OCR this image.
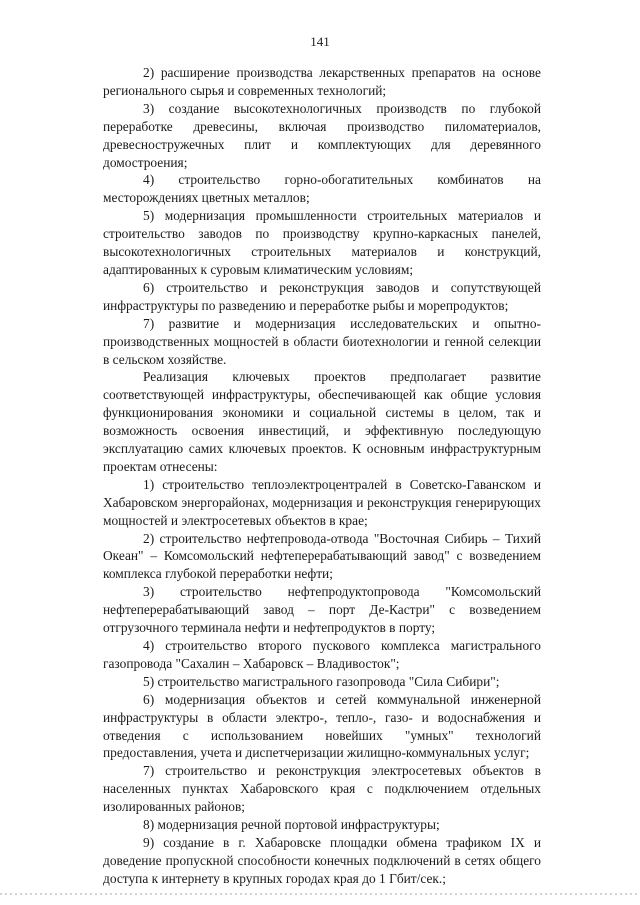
141

2) расширение производства лекарственных препаратов на основе регионального сырья и современных технологий;

3) создание высокотехнологичных производств по глубокой переработке древесины, включая производство пиломатериалов, древесностружечных плит и комплектующих для деревянного домостроения;

4) строительство горно-обогатительных комбинатов на месторождениях цветных металлов;

5) модернизация промышленности строительных материалов и строительство заводов по производству крупно-каркасных панелей, высокотехнологичных строительных материалов и конструкций, адаптированных к суровым климатическим условиям;

6) строительство и реконструкция заводов и сопутствующей инфраструктуры по разведению и переработке рыбы и морепродуктов;

7) развитие и модернизация исследовательских и опытно-производственных мощностей в области биотехнологии и генной селекции в сельском хозяйстве.

Реализация ключевых проектов предполагает развитие соответствующей инфраструктуры, обеспечивающей как общие условия функционирования экономики и социальной системы в целом, так и возможность освоения инвестиций, и эффективную последующую эксплуатацию самих ключевых проектов. К основным инфраструктурным проектам отнесены:

1) строительство теплоэлектроцентралей в Советско-Гаванском и Хабаровском энергорайонах, модернизация и реконструкция генерирующих мощностей и электросетевых объектов в крае;

2) строительство нефтепровода-отвода "Восточная Сибирь – Тихий Океан" – Комсомольский нефтеперерабатывающий завод" с возведением комплекса глубокой переработки нефти;

3) строительство нефтепродуктопровода "Комсомольский нефтеперерабатывающий завод – порт Де-Кастри" с возведением отгрузочного терминала нефти и нефтепродуктов в порту;

4) строительство второго пускового комплекса магистрального газопровода "Сахалин – Хабаровск – Владивосток";

5) строительство магистрального газопровода "Сила Сибири";

6) модернизация объектов и сетей коммунальной инженерной инфраструктуры в области электро-, тепло-, газо- и водоснабжения и отведения с использованием новейших "умных" технологий предоставления, учета и диспетчеризации жилищно-коммунальных услуг;

7) строительство и реконструкция электросетевых объектов в населенных пунктах Хабаровского края с подключением отдельных изолированных районов;

8) модернизация речной портовой инфраструктуры;

9) создание в г. Хабаровске площадки обмена трафиком IX и доведение пропускной способности конечных подключений в сетях общего доступа к интернету в крупных городах края до 1 Гбит/сек.;
